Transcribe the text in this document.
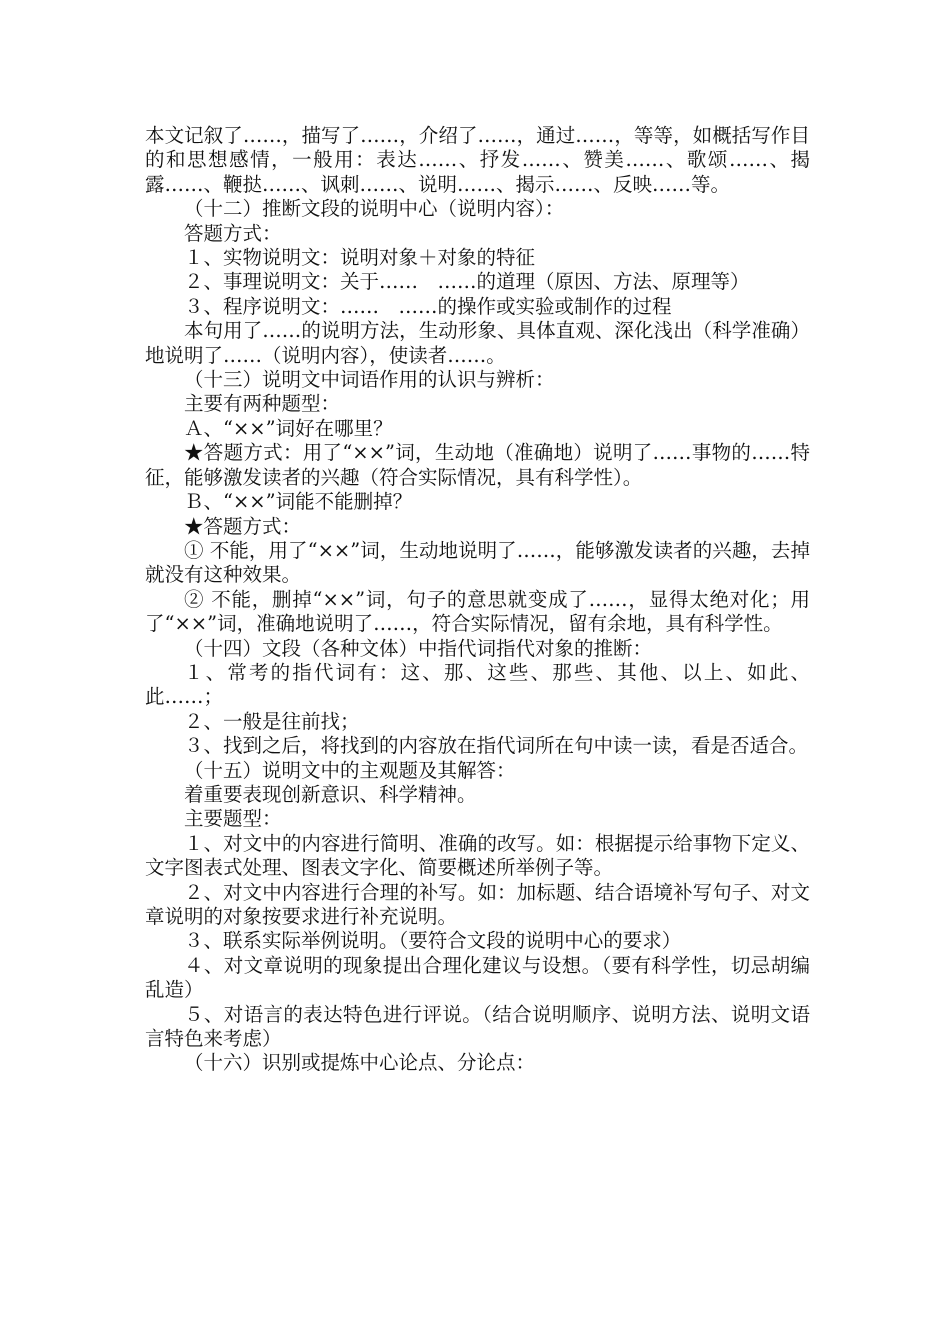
本文记叙了……，描写了……，介绍了……，通过……，等等，如概括写作目的和思想感情，一般用：表达……、抒发……、赞美……、歌颂……、揭露……、鞭挞……、讽刺……、说明……、揭示……、反映……等。

（十二）推断文段的说明中心（说明内容）：

答题方式：

１、实物说明文：说明对象＋对象的特征

２、事理说明文：关于……　……的道理（原因、方法、原理等）

３、程序说明文：……　……的操作或实验或制作的过程

本句用了……的说明方法，生动形象、具体直观、深化浅出（科学准确）地说明了……（说明内容），使读者……。

（十三）说明文中词语作用的认识与辨析：

主要有两种题型：

Ａ、“××”词好在哪里？

★答题方式：用了“××”词，生动地（准确地）说明了……事物的……特征，能够激发读者的兴趣（符合实际情况，具有科学性）。

Ｂ、“××”词能不能删掉？

★答题方式：

① 不能，用了“××”词，生动地说明了……，能够激发读者的兴趣，去掉就没有这种效果。

② 不能，删掉“××”词，句子的意思就变成了……，显得太绝对化；用了“××”词，准确地说明了……，符合实际情况，留有余地，具有科学性。

（十四）文段（各种文体）中指代词指代对象的推断：

１、常考的指代词有：这、那、这些、那些、其他、以上、如此、此……；

２、一般是往前找；

３、找到之后，将找到的内容放在指代词所在句中读一读，看是否适合。

（十五）说明文中的主观题及其解答：

着重要表现创新意识、科学精神。

主要题型：

１、对文中的内容进行简明、准确的改写。如：根据提示给事物下定义、文字图表式处理、图表文字化、简要概述所举例子等。

２、对文中内容进行合理的补写。如：加标题、结合语境补写句子、对文章说明的对象按要求进行补充说明。

３、联系实际举例说明。（要符合文段的说明中心的要求）

４、对文章说明的现象提出合理化建议与设想。（要有科学性，切忌胡编乱造）

５、对语言的表达特色进行评说。（结合说明顺序、说明方法、说明文语言特色来考虑）

（十六）识别或提炼中心论点、分论点：
